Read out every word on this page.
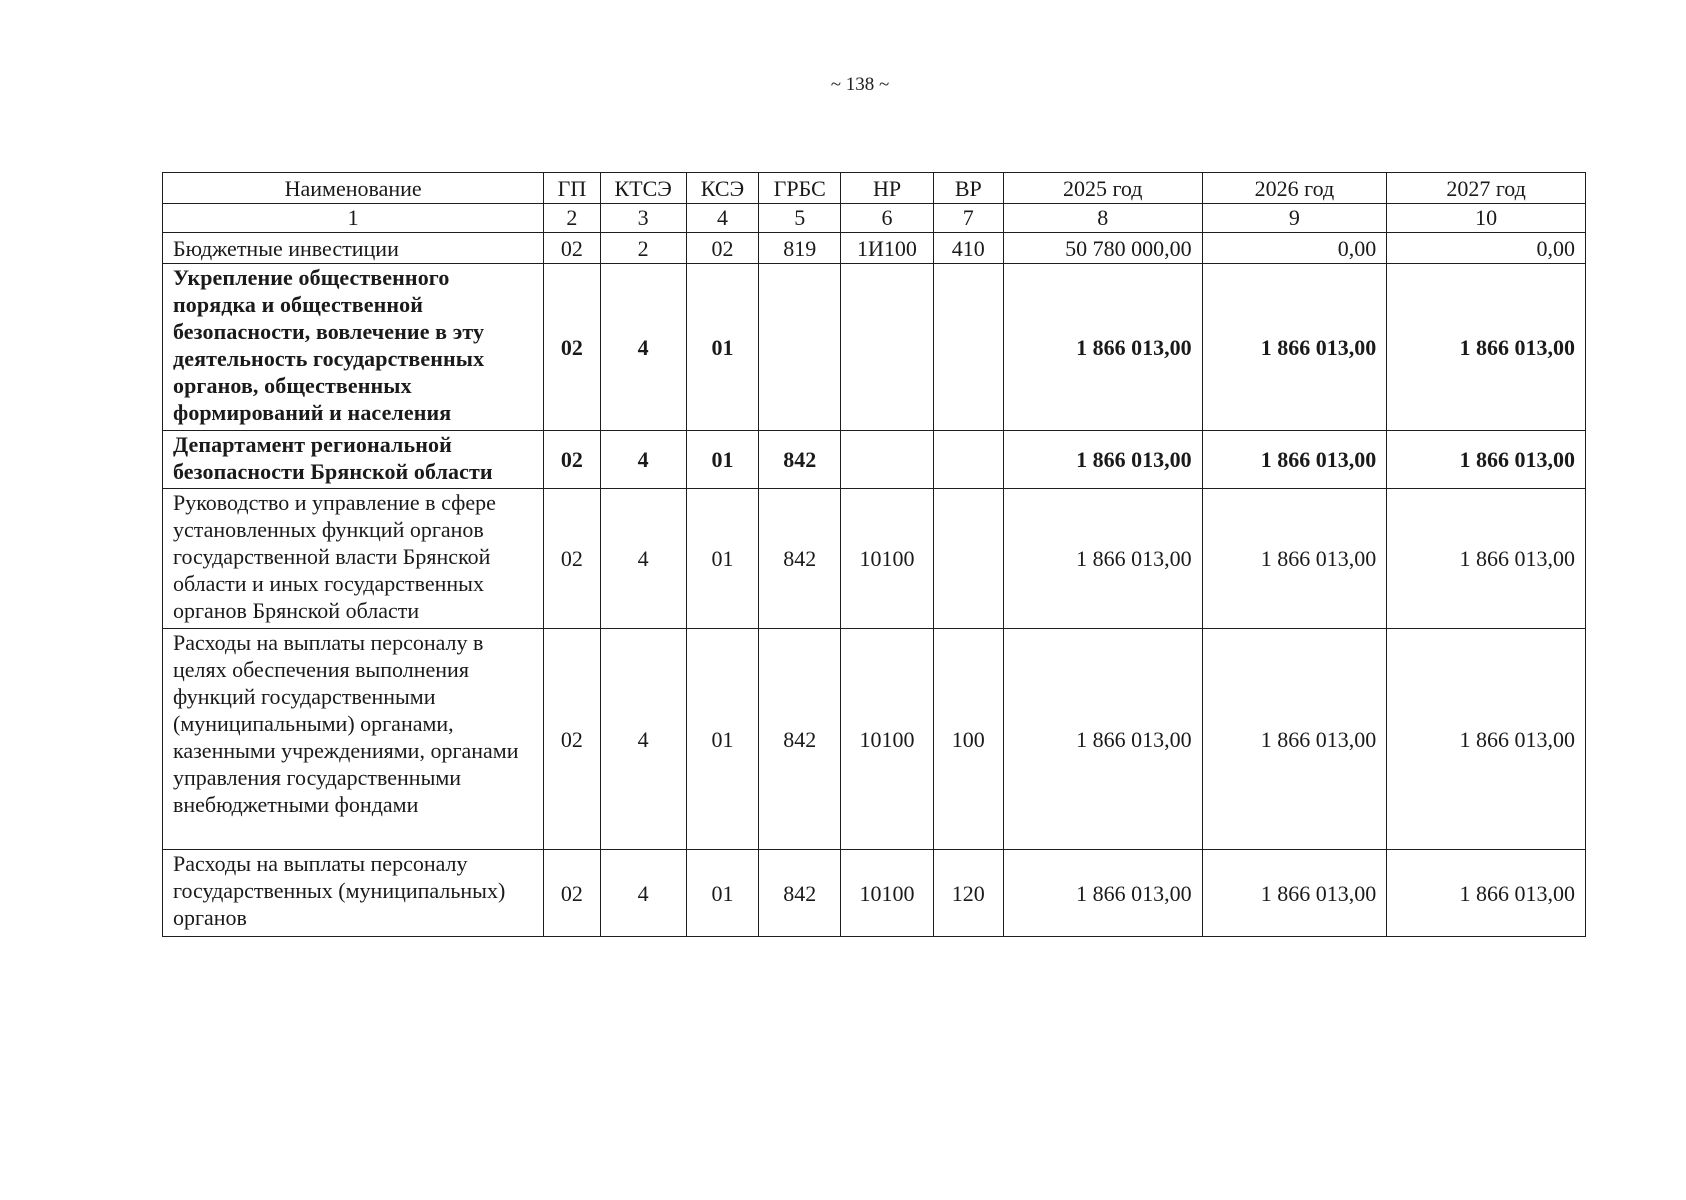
~ 138 ~
Наименование	ГП	КТСЭ	КСЭ	ГРБС	НР	ВР	2025 год	2026 год	2027 год
1	2	3	4	5	6	7	8	9	10
Бюджетные инвестиции	02	2	02	819	1И100	410	50 780 000,00	0,00	0,00
Укрепление общественного порядка и общественной безопасности, вовлечение в эту деятельность государственных органов, общественных формирований и населения	02	4	01				1 866 013,00	1 866 013,00	1 866 013,00
Департамент региональной безопасности Брянской области	02	4	01	842			1 866 013,00	1 866 013,00	1 866 013,00
Руководство и управление в сфере установленных функций органов государственной власти Брянской области и иных государственных органов Брянской области	02	4	01	842	10100		1 866 013,00	1 866 013,00	1 866 013,00
Расходы на выплаты персоналу в целях обеспечения выполнения функций государственными (муниципальными) органами, казенными учреждениями, органами управления государственными внебюджетными фондами	02	4	01	842	10100	100	1 866 013,00	1 866 013,00	1 866 013,00
Расходы на выплаты персоналу государственных (муниципальных) органов	02	4	01	842	10100	120	1 866 013,00	1 866 013,00	1 866 013,00
